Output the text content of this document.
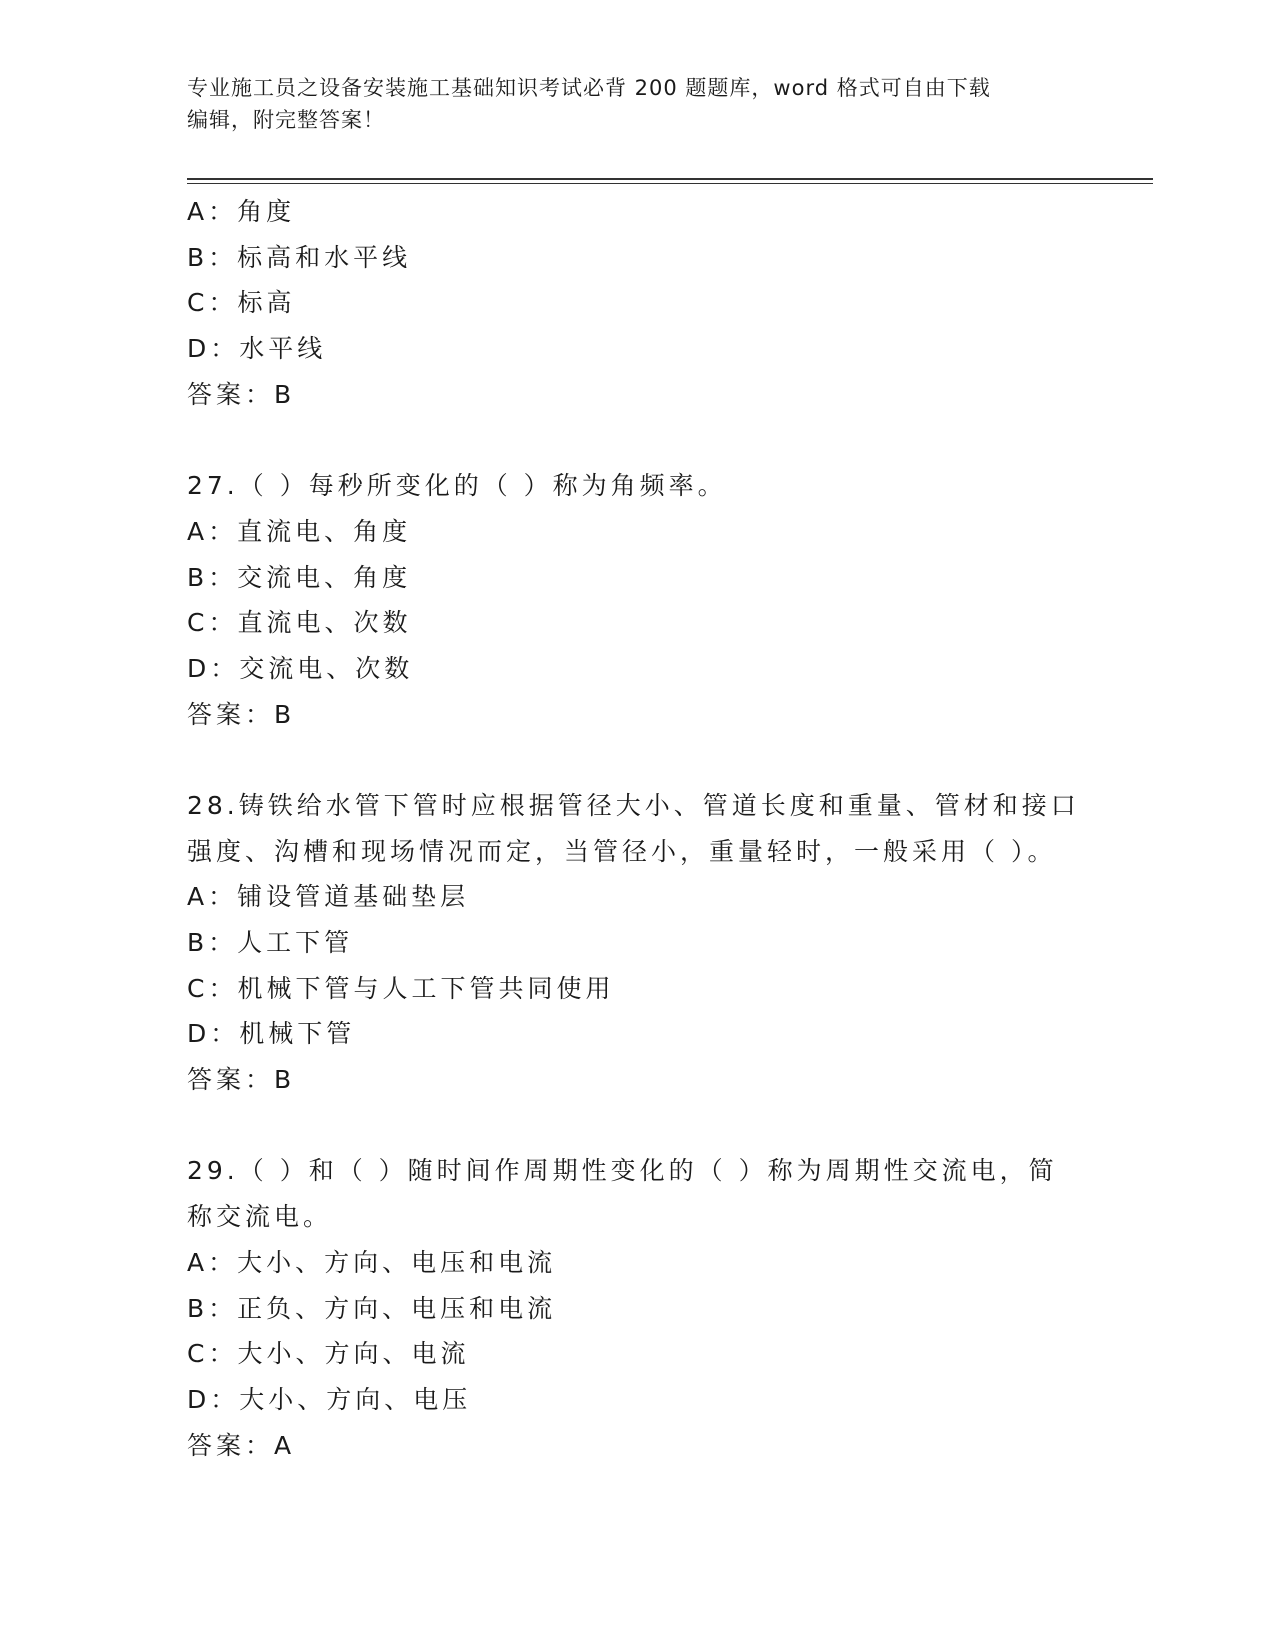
专业施工员之设备安装施工基础知识考试必背 200 题题库，word 格式可自由下载
编辑，附完整答案！
A：角度
B：标高和水平线
C：标高
D：水平线
答案：B
27.（ ）每秒所变化的（ ）称为角频率。
A：直流电、角度
B：交流电、角度
C：直流电、次数
D：交流电、次数
答案：B
28.铸铁给水管下管时应根据管径大小、管道长度和重量、管材和接口
强度、沟槽和现场情况而定，当管径小，重量轻时，一般采用（ ）。
A：铺设管道基础垫层
B：人工下管
C：机械下管与人工下管共同使用
D：机械下管
答案：B
29.（ ）和（ ）随时间作周期性变化的（ ）称为周期性交流电，简
称交流电。
A：大小、方向、电压和电流
B：正负、方向、电压和电流
C：大小、方向、电流
D：大小、方向、电压
答案：A
